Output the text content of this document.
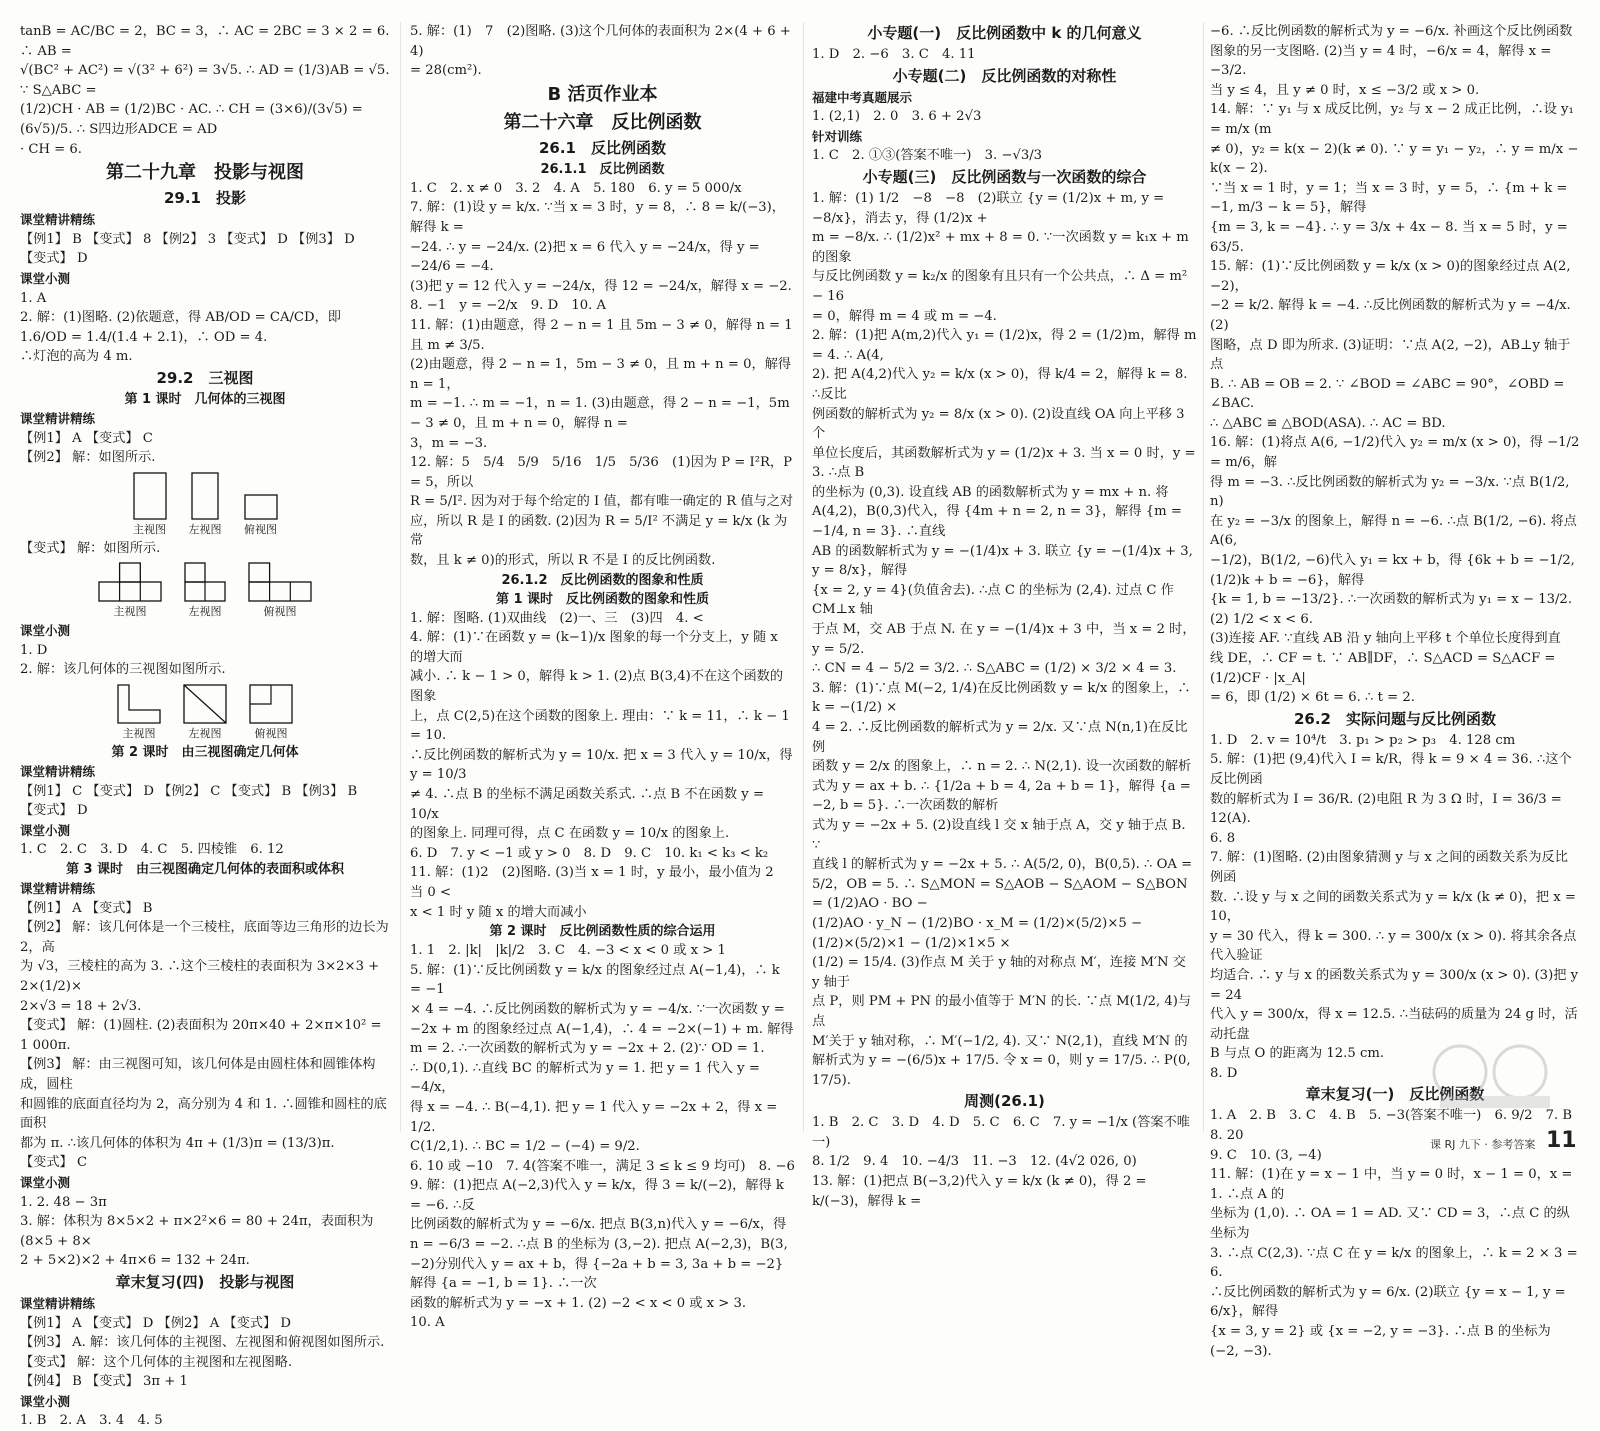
tanB = AC/BC = 2，BC = 3，∴ AC = 2BC = 3 × 2 = 6. ∴ AB =

√(BC² + AC²) = √(3² + 6²) = 3√5. ∴ AD = (1/3)AB = √5. ∵ S△ABC =

(1/2)CH · AB = (1/2)BC · AC. ∴ CH = (3×6)/(3√5) = (6√5)/5. ∴ S四边形ADCE = AD

· CH = 6.

第二十九章　投影与视图
29.1　投影

课堂精讲精练

【例1】 B 【变式】 8 【例2】 3 【变式】 D 【例3】 D

【变式】 D

课堂小测

1. A

2. 解：(1)图略. (2)依题意，得 AB/OD = CA/CD，即 1.6/OD = 1.4/(1.4 + 2.1)，∴ OD = 4.

∴灯泡的高为 4 m.

29.2　三视图
第 1 课时　几何体的三视图

课堂精讲精练

【例1】 A 【变式】 C

【例2】 解：如图所示.

主视图 左视图 俯视图

【变式】 解：如图所示.

主视图	左视图	俯视图

课堂小测

1. D

2. 解：该几何体的三视图如图所示.

主视图	左视图	俯视图
第 2 课时　由三视图确定几何体

课堂精讲精练

【例1】 C 【变式】 D 【例2】 C 【变式】 B 【例3】 B

【变式】 D

课堂小测

1. C　2. C　3. D　4. C　5. 四棱锥　6. 12

第 3 课时　由三视图确定几何体的表面积或体积

课堂精讲精练

【例1】 A 【变式】 B

【例2】 解：该几何体是一个三棱柱，底面等边三角形的边长为 2，高

为 √3，三棱柱的高为 3. ∴这个三棱柱的表面积为 3×2×3 + 2×(1/2)×

2×√3 = 18 + 2√3.

【变式】 解：(1)圆柱. (2)表面积为 20π×40 + 2×π×10² = 1 000π.

【例3】 解：由三视图可知，该几何体是由圆柱体和圆锥体构成，圆柱

和圆锥的底面直径均为 2，高分别为 4 和 1. ∴圆锥和圆柱的底面积

都为 π. ∴该几何体的体积为 4π + (1/3)π = (13/3)π.

【变式】 C

课堂小测

1. 2. 48 − 3π

3. 解：体积为 8×5×2 + π×2²×6 = 80 + 24π，表面积为 (8×5 + 8×

2 + 5×2)×2 + 4π×6 = 132 + 24π.

章末复习(四)　投影与视图

课堂精讲精练

【例1】 A 【变式】 D 【例2】 A 【变式】 D

【例3】 A. 解：该几何体的主视图、左视图和俯视图如图所示.

【变式】 解：这个几何体的主视图和左视图略.

【例4】 B 【变式】 3π + 1

课堂小测

1. B　2. A　3. 4　4. 5

5. 解：(1)　7　(2)图略. (3)这个几何体的表面积为 2×(4 + 6 + 4)

= 28(cm²).

B 活页作业本
第二十六章　反比例函数
26.1　反比例函数
26.1.1　反比例函数

1. C　2. x ≠ 0　3. 2　4. A　5. 180　6. y = 5 000/x

7. 解：(1)设 y = k/x. ∵当 x = 3 时，y = 8，∴ 8 = k/(−3)，解得 k =

−24. ∴ y = −24/x. (2)把 x = 6 代入 y = −24/x，得 y = −24/6 = −4.

(3)把 y = 12 代入 y = −24/x，得 12 = −24/x，解得 x = −2.

8. −1　y = −2/x　9. D　10. A

11. 解：(1)由题意，得 2 − n = 1 且 5m − 3 ≠ 0，解得 n = 1 且 m ≠ 3/5.

(2)由题意，得 2 − n = 1，5m − 3 ≠ 0，且 m + n = 0，解得 n = 1，

m = −1. ∴ m = −1，n = 1. (3)由题意，得 2 − n = −1，5m − 3 ≠ 0，且 m + n = 0，解得 n =

3，m = −3.

12. 解：5　5/4　5/9　5/16　1/5　5/36　(1)因为 P = I²R，P = 5，所以

R = 5/I². 因为对于每个给定的 I 值，都有唯一确定的 R 值与之对

应，所以 R 是 I 的函数. (2)因为 R = 5/I² 不满足 y = k/x (k 为常

数，且 k ≠ 0)的形式，所以 R 不是 I 的反比例函数.

26.1.2　反比例函数的图象和性质
第 1 课时　反比例函数的图象和性质

1. 解：图略. (1)双曲线　(2)一、三　(3)四　4. <

4. 解：(1)∵在函数 y = (k−1)/x 图象的每一个分支上，y 随 x 的增大而

减小. ∴ k − 1 > 0，解得 k > 1. (2)点 B(3,4)不在这个函数的图象

上，点 C(2,5)在这个函数的图象上. 理由：∵ k = 11，∴ k − 1 = 10.

∴反比例函数的解析式为 y = 10/x. 把 x = 3 代入 y = 10/x，得 y = 10/3

≠ 4. ∴点 B 的坐标不满足函数关系式. ∴点 B 不在函数 y = 10/x

的图象上. 同理可得，点 C 在函数 y = 10/x 的图象上.

6. D　7. y < −1 或 y > 0　8. D　9. C　10. k₁ < k₃ < k₂

11. 解：(1)2　(2)图略. (3)当 x = 1 时，y 最小，最小值为 2　当 0 <

x < 1 时 y 随 x 的增大而减小

第 2 课时　反比例函数性质的综合运用

1. 1　2. |k|　|k|/2　3. C　4. −3 < x < 0 或 x > 1

5. 解：(1)∵反比例函数 y = k/x 的图象经过点 A(−1,4)，∴ k = −1

× 4 = −4. ∴反比例函数的解析式为 y = −4/x. ∵一次函数 y =

−2x + m 的图象经过点 A(−1,4)，∴ 4 = −2×(−1) + m. 解得

m = 2. ∴一次函数的解析式为 y = −2x + 2. (2)∵ OD = 1.

∴ D(0,1). ∴直线 BC 的解析式为 y = 1. 把 y = 1 代入 y = −4/x，

得 x = −4. ∴ B(−4,1). 把 y = 1 代入 y = −2x + 2，得 x = 1/2.

C(1/2,1). ∴ BC = 1/2 − (−4) = 9/2.

6. 10 或 −10　7. 4(答案不唯一，满足 3 ≤ k ≤ 9 均可)　8. −6

9. 解：(1)把点 A(−2,3)代入 y = k/x，得 3 = k/(−2)，解得 k = −6. ∴反

比例函数的解析式为 y = −6/x. 把点 B(3,n)代入 y = −6/x，得

n = −6/3 = −2. ∴点 B 的坐标为 (3,−2). 把点 A(−2,3)，B(3,

−2)分别代入 y = ax + b，得 {−2a + b = 3, 3a + b = −2} 解得 {a = −1, b = 1}. ∴一次

函数的解析式为 y = −x + 1. (2) −2 < x < 0 或 x > 3.

10. A

小专题(一)　反比例函数中 k 的几何意义

1. D　2. −6　3. C　4. 11

小专题(二)　反比例函数的对称性

福建中考真题展示

1. (2,1)　2. 0　3. 6 + 2√3

针对训练

1. C　2. ①③(答案不唯一)　3. −√3/3

小专题(三)　反比例函数与一次函数的综合

1. 解：(1) 1/2　−8　−8　(2)联立 {y = (1/2)x + m, y = −8/x}，消去 y，得 (1/2)x +

m = −8/x. ∴ (1/2)x² + mx + 8 = 0. ∵一次函数 y = k₁x + m 的图象

与反比例函数 y = k₂/x 的图象有且只有一个公共点，∴ Δ = m² − 16

= 0，解得 m = 4 或 m = −4.

2. 解：(1)把 A(m,2)代入 y₁ = (1/2)x，得 2 = (1/2)m，解得 m = 4. ∴ A(4,

2). 把 A(4,2)代入 y₂ = k/x (x > 0)，得 k/4 = 2，解得 k = 8. ∴反比

例函数的解析式为 y₂ = 8/x (x > 0). (2)设直线 OA 向上平移 3 个

单位长度后，其函数解析式为 y = (1/2)x + 3. 当 x = 0 时，y = 3. ∴点 B

的坐标为 (0,3). 设直线 AB 的函数解析式为 y = mx + n. 将

A(4,2)，B(0,3)代入，得 {4m + n = 2, n = 3}，解得 {m = −1/4, n = 3}. ∴直线

AB 的函数解析式为 y = −(1/4)x + 3. 联立 {y = −(1/4)x + 3, y = 8/x}，解得

{x = 2, y = 4}(负值舍去). ∴点 C 的坐标为 (2,4). 过点 C 作 CM⊥x 轴

于点 M，交 AB 于点 N. 在 y = −(1/4)x + 3 中，当 x = 2 时，y = 5/2.

∴ CN = 4 − 5/2 = 3/2. ∴ S△ABC = (1/2) × 3/2 × 4 = 3.

3. 解：(1)∵点 M(−2, 1/4)在反比例函数 y = k/x 的图象上，∴ k = −(1/2) ×

4 = 2. ∴反比例函数的解析式为 y = 2/x. 又∵点 N(n,1)在反比例

函数 y = 2/x 的图象上，∴ n = 2. ∴ N(2,1). 设一次函数的解析

式为 y = ax + b. ∴ {1/2a + b = 4, 2a + b = 1}，解得 {a = −2, b = 5}. ∴一次函数的解析

式为 y = −2x + 5. (2)设直线 l 交 x 轴于点 A，交 y 轴于点 B. ∵

直线 l 的解析式为 y = −2x + 5. ∴ A(5/2, 0)，B(0,5). ∴ OA =

5/2，OB = 5. ∴ S△MON = S△AOB − S△AOM − S△BON = (1/2)AO · BO −

(1/2)AO · y_N − (1/2)BO · x_M = (1/2)×(5/2)×5 − (1/2)×(5/2)×1 − (1/2)×1×5 ×

(1/2) = 15/4. (3)作点 M 关于 y 轴的对称点 M′，连接 M′N 交 y 轴于

点 P，则 PM + PN 的最小值等于 M′N 的长. ∵点 M(1/2, 4)与点

M′关于 y 轴对称，∴ M′(−1/2, 4). 又∵ N(2,1)，直线 M′N 的

解析式为 y = −(6/5)x + 17/5. 令 x = 0，则 y = 17/5. ∴ P(0, 17/5).

周测(26.1)

1. B　2. C　3. D　4. D　5. C　6. C　7. y = −1/x (答案不唯一)

8. 1/2　9. 4　10. −4/3　11. −3　12. (4√2 026, 0)

13. 解：(1)把点 B(−3,2)代入 y = k/x (k ≠ 0)，得 2 = k/(−3)，解得 k =

−6. ∴反比例函数的解析式为 y = −6/x. 补画这个反比例函数

图象的另一支图略. (2)当 y = 4 时，−6/x = 4，解得 x = −3/2.

当 y ≤ 4，且 y ≠ 0 时，x ≤ −3/2 或 x > 0.

14. 解：∵ y₁ 与 x 成反比例，y₂ 与 x − 2 成正比例，∴设 y₁ = m/x (m

≠ 0)，y₂ = k(x − 2)(k ≠ 0). ∵ y = y₁ − y₂，∴ y = m/x − k(x − 2).

∵当 x = 1 时，y = 1；当 x = 3 时，y = 5，∴ {m + k = −1, m/3 − k = 5}，解得

{m = 3, k = −4}. ∴ y = 3/x + 4x − 8. 当 x = 5 时，y = 63/5.

15. 解：(1)∵反比例函数 y = k/x (x > 0)的图象经过点 A(2, −2)，

−2 = k/2. 解得 k = −4. ∴反比例函数的解析式为 y = −4/x. (2)

图略，点 D 即为所求. (3)证明：∵点 A(2, −2)，AB⊥y 轴于点

B. ∴ AB = OB = 2. ∵ ∠BOD = ∠ABC = 90°，∠OBD = ∠BAC.

∴ △ABC ≌ △BOD(ASA). ∴ AC = BD.

16. 解：(1)将点 A(6, −1/2)代入 y₂ = m/x (x > 0)，得 −1/2 = m/6，解

得 m = −3. ∴反比例函数的解析式为 y₂ = −3/x. ∵点 B(1/2, n)

在 y₂ = −3/x 的图象上，解得 n = −6. ∴点 B(1/2, −6). 将点 A(6,

−1/2)，B(1/2, −6)代入 y₁ = kx + b，得 {6k + b = −1/2, (1/2)k + b = −6}，解得

{k = 1, b = −13/2}. ∴一次函数的解析式为 y₁ = x − 13/2. (2) 1/2 < x < 6.

(3)连接 AF. ∵直线 AB 沿 y 轴向上平移 t 个单位长度得到直

线 DE，∴ CF = t. ∵ AB∥DF，∴ S△ACD = S△ACF = (1/2)CF · |x_A|

= 6，即 (1/2) × 6t = 6. ∴ t = 2.

26.2　实际问题与反比例函数

1. D　2. v = 10⁴/t　3. p₁ > p₂ > p₃　4. 128 cm

5. 解：(1)把 (9,4)代入 I = k/R，得 k = 9 × 4 = 36. ∴这个反比例函

数的解析式为 I = 36/R. (2)电阻 R 为 3 Ω 时，I = 36/3 = 12(A).

6. 8

7. 解：(1)图略. (2)由图象猜测 y 与 x 之间的函数关系为反比例函

数. ∴设 y 与 x 之间的函数关系式为 y = k/x (k ≠ 0)，把 x = 10，

y = 30 代入，得 k = 300. ∴ y = 300/x (x > 0). 将其余各点代入验证

均适合. ∴ y 与 x 的函数关系式为 y = 300/x (x > 0). (3)把 y = 24

代入 y = 300/x，得 x = 12.5. ∴当砝码的质量为 24 g 时，活动托盘

B 与点 O 的距离为 12.5 cm.

8. D

章末复习(一)　反比例函数

1. A　2. B　3. C　4. B　5. −3(答案不唯一)　6. 9/2　7. B　8. 20

9. C　10. (3, −4)

11. 解：(1)在 y = x − 1 中，当 y = 0 时，x − 1 = 0，x = 1. ∴点 A 的

坐标为 (1,0). ∴ OA = 1 = AD. 又∵ CD = 3，∴点 C 的纵坐标为

3. ∴点 C(2,3). ∵点 C 在 y = k/x 的图象上，∴ k = 2 × 3 = 6.

∴反比例函数的解析式为 y = 6/x. (2)联立 {y = x − 1, y = 6/x}，解得

{x = 3, y = 2} 或 {x = −2, y = −3}. ∴点 B 的坐标为 (−2, −3).

课 RJ 九下 · 参考答案 11
